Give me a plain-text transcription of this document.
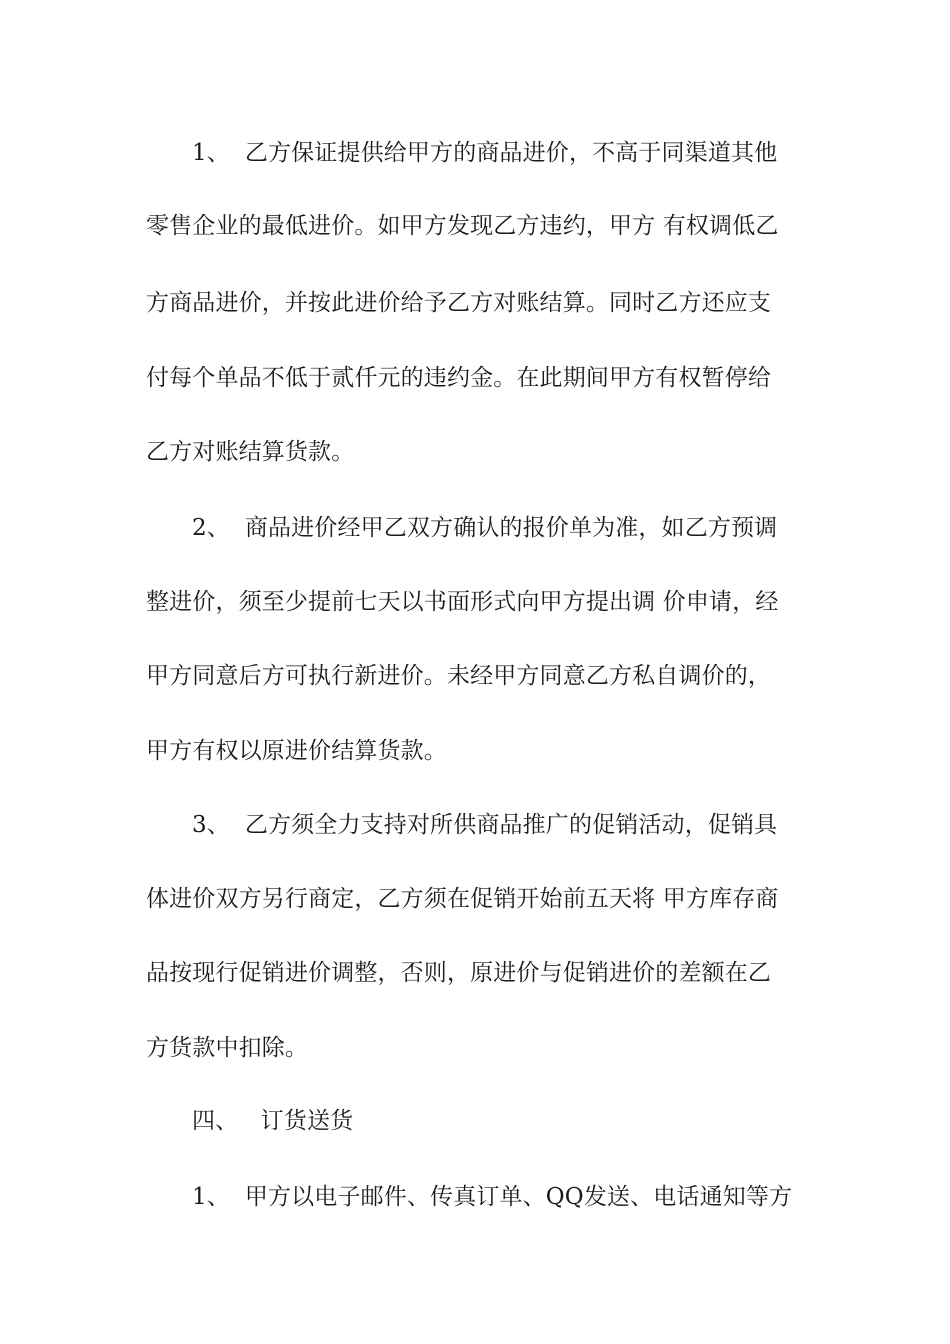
1、  乙方保证提供给甲方的商品进价，不高于同渠道其他
零售企业的最低进价。如甲方发现乙方违约，甲方 有权调低乙
方商品进价，并按此进价给予乙方对账结算。同时乙方还应支
付每个单品不低于贰仟元的违约金。在此期间甲方有权暂停给
乙方对账结算货款。
2、  商品进价经甲乙双方确认的报价单为准，如乙方预调
整进价，须至少提前七天以书面形式向甲方提出调 价申请，经
甲方同意后方可执行新进价。未经甲方同意乙方私自调价的，
甲方有权以原进价结算货款。
3、  乙方须全力支持对所供商品推广的促销活动，促销具
体进价双方另行商定，乙方须在促销开始前五天将 甲方库存商
品按现行促销进价调整，否则，原进价与促销进价的差额在乙
方货款中扣除。
四、   订货送货
1、  甲方以电子邮件、传真订单、QQ发送、电话通知等方
